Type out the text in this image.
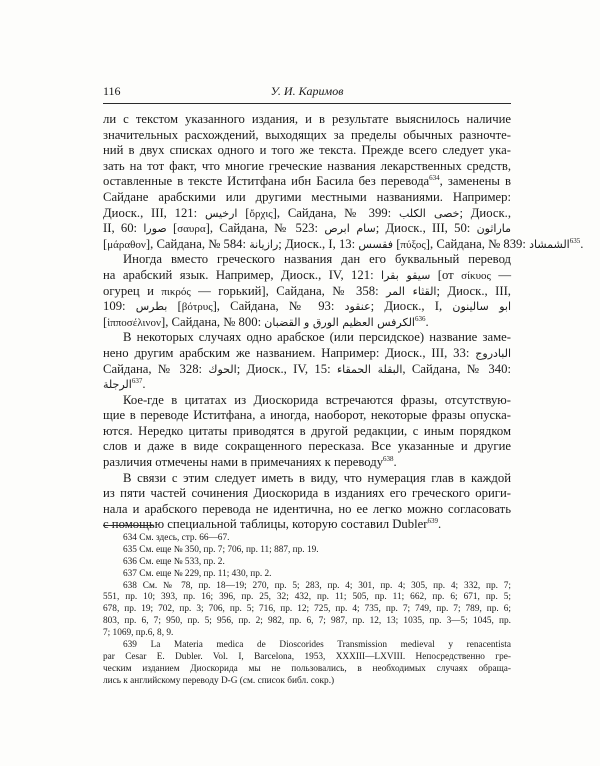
116	У. И. Каримов
ли с текстом указанного издания, и в результате выяснилось наличие
значительных расхождений, выходящих за пределы обычных разночте-
ний в двух списках одного и того же текста. Прежде всего следует ука-
зать на тот факт, что многие греческие названия лекарственных средств,
оставленные в тексте Иститфана ибн Басила без перевода$^{634}$, заменены в
Сайдане арабскими или другими местными названиями. Например:
Диоск., III, 121: ارخيس [ὄρχις], Сайдана, № 399: خصى الكلب; Диоск.,
II, 60: صورا [σαυρα], Сайдана, № 523: سام ابرص; Диоск., III, 50: ماراثون
[μάραθον], Сайдана, № 584: رازيانة; Диоск., I, 13: فقسس [πύξος], Сайдана, № 839: الشمشاد$^{635}$.
Иногда вместо греческого названия дан его буквальный перевод
на арабский язык. Например, Диоск., IV, 121: سيقو بقرا [от σίκυος —
огурец и πικρός — горький], Сайдана, № 358: القثاء المر; Диоск., III,
109: بطرس [βότρυς], Сайдана, № 93: عنقود; Диоск., I, ابو سالينون
[ἱπποσέλινον], Сайдана, № 800: الكرفس العظيم الورق و القضبان$^{636}$.
В некоторых случаях одно арабское (или персидское) название заме-
нено другим арабским же названием. Например: Диоск., III, 33: البادروج
Сайдана, № 328: الحوك; Диоск., IV, 15: البقلة الحمقاء, Сайдана, № 340:
الرجلة$^{637}$.
Кое-где в цитатах из Диоскорида встречаются фразы, отсутствую-
щие в переводе Иститфана, а иногда, наоборот, некоторые фразы опуска-
ются. Нередко цитаты приводятся в другой редакции, с иным порядком
слов и даже в виде сокращенного пересказа. Все указанные и другие
различия отмечены нами в примечаниях к переводу$^{638}$.
В связи с этим следует иметь в виду, что нумерация глав в каждой
из пяти частей сочинения Диоскорида в изданиях его греческого ориги-
нала и арабского перевода не идентична, но ее легко можно согласовать
с помощью специальной таблицы, которую составил Dubler$^{639}$.
634 См. здесь, стр. 66—67.
635 См. еще № 350, пр. 7; 706, пр. 11; 887, пр. 19.
636 См. еще № 533, пр. 2.
637 См. еще № 229, пр. 11; 430, пр. 2.
638 См. № 78, пр. 18—19; 270, пр. 5; 283, пр. 4; 301, пр. 4; 305, пр. 4; 332, пр. 7;
551, пр. 10; 393, пр. 16; 396, пр. 25, 32; 432, пр. 11; 505, пр. 11; 662, пр. 6; 671, пр. 5;
678, пр. 19; 702, пр. 3; 706, пр. 5; 716, пр. 12; 725, пр. 4; 735, пр. 7; 749, пр. 7; 789, пр. 6;
803, пр. 6, 7; 950, пр. 5; 956, пр. 2; 982, пр. 6, 7; 987, пр. 12, 13; 1035, пр. 3—5; 1045, пр.
7; 1069, пр.6, 8, 9.
639 La Materia medica de Dioscorides Transmission medieval y renacentista
par Cesar E. Dubler. Vol. I, Barcelona, 1953, XXXIII—LXVIII. Непосредственно гре-
ческим изданием Диоскорида мы не пользовались, в необходимых случаях обраща-
лись к английскому переводу D-G (см. список библ. сокр.)
